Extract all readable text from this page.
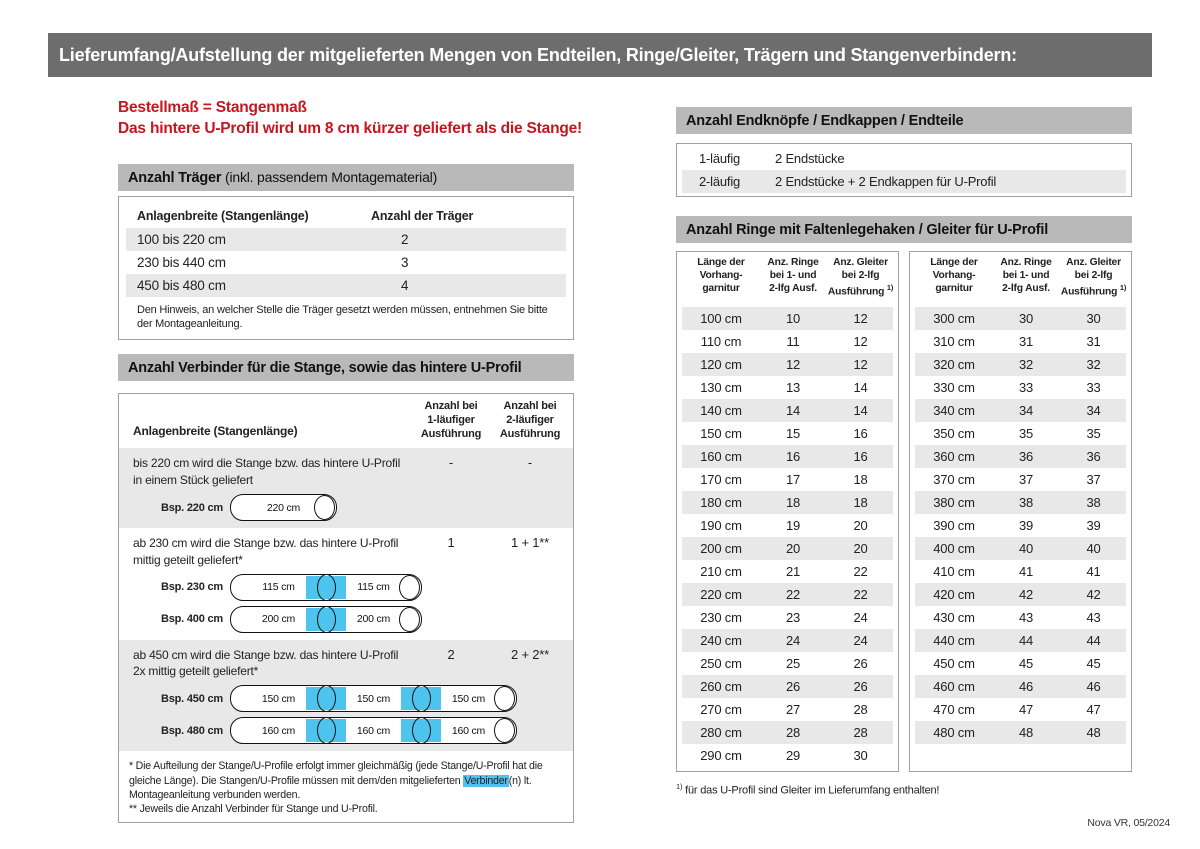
Lieferumfang/Aufstellung der mitgelieferten Mengen von Endteilen, Ringe/Gleiter, Trägern und Stangenverbindern:
Bestellmaß = Stangenmaß
Das hintere U-Profil wird um 8 cm kürzer geliefert als die Stange!
Anzahl Träger (inkl. passendem Montagematerial)
Anlagenbreite (Stangenlänge)	Anzahl der Träger
100 bis 220 cm	2
230 bis 440 cm	3
450 bis 480 cm	4
Den Hinweis, an welcher Stelle die Träger gesetzt werden müssen, entnehmen Sie bitte der Montageanleitung.
Anzahl Verbinder für die Stange, sowie das hintere U-Profil
Anlagenbreite (Stangenlänge)
Anzahl bei
1-läufiger
Ausführung
Anzahl bei
2-läufiger
Ausführung
bis 220 cm wird die Stange bzw. das hintere U-Profil
in einem Stück geliefert
-	-
Bsp. 220 cm	220 cm
ab 230 cm wird die Stange bzw. das hintere U-Profil
mittig geteilt geliefert*
1	1 + 1**
Bsp. 230 cm	115 cm	115 cm
Bsp. 400 cm	200 cm	200 cm
ab 450 cm wird die Stange bzw. das hintere U-Profil
2x mittig geteilt geliefert*
2	2 + 2**
Bsp. 450 cm	150 cm	150 cm	150 cm
Bsp. 480 cm	160 cm	160 cm	160 cm
* Die Aufteilung der Stange/U-Profile erfolgt immer gleichmäßig (jede Stange/U-Profil hat die gleiche Länge). Die Stangen/U-Profile müssen mit dem/den mitgelieferten Verbinder(n) lt. Montageanleitung verbunden werden.
** Jeweils die Anzahl Verbinder für Stange und U-Profil.
Anzahl Endknöpfe / Endkappen / Endteile
1-läufig	2 Endstücke
2-läufig	2 Endstücke + 2 Endkappen für U-Profil
Anzahl Ringe mit Faltenlegehaken / Gleiter für U-Profil
Länge der
Vorhang-
garnitur
Anz. Ringe
bei 1- und
2-lfg Ausf.
Anz. Gleiter
bei 2-lfg
Ausführung $^{1)}$
100 cm	10	12
110 cm	11	12
120 cm	12	12
130 cm	13	14
140 cm	14	14
150 cm	15	16
160 cm	16	16
170 cm	17	18
180 cm	18	18
190 cm	19	20
200 cm	20	20
210 cm	21	22
220 cm	22	22
230 cm	23	24
240 cm	24	24
250 cm	25	26
260 cm	26	26
270 cm	27	28
280 cm	28	28
290 cm	29	30
Länge der
Vorhang-
garnitur
Anz. Ringe
bei 1- und
2-lfg Ausf.
Anz. Gleiter
bei 2-lfg
Ausführung $^{1)}$
300 cm	30	30
310 cm	31	31
320 cm	32	32
330 cm	33	33
340 cm	34	34
350 cm	35	35
360 cm	36	36
370 cm	37	37
380 cm	38	38
390 cm	39	39
400 cm	40	40
410 cm	41	41
420 cm	42	42
430 cm	43	43
440 cm	44	44
450 cm	45	45
460 cm	46	46
470 cm	47	47
480 cm	48	48
$^{1)}$ für das U-Profil sind Gleiter im Lieferumfang enthalten!
Nova VR, 05/2024
